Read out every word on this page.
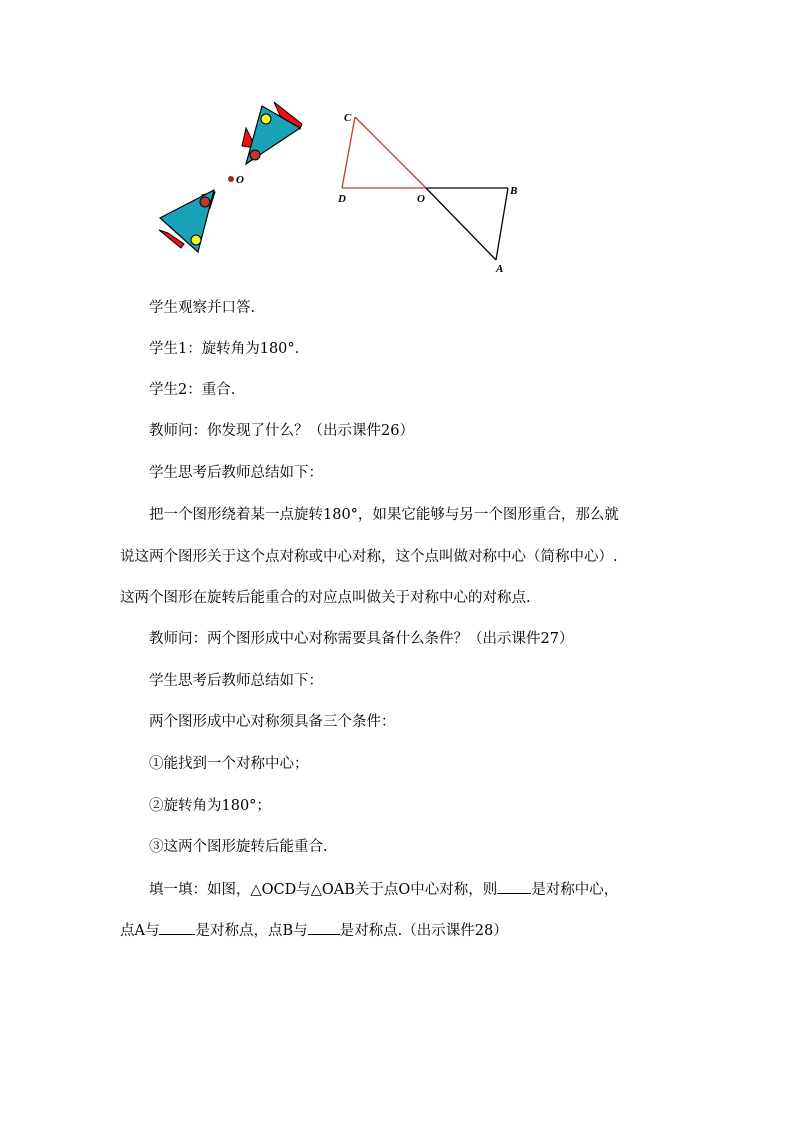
O
C
D	O
B
A
学生观察并口答.
学生1：旋转角为180°．
学生2：重合.
教师问：你发现了什么？（出示课件26）
学生思考后教师总结如下：
把一个图形绕着某一点旋转180°，如果它能够与另一个图形重合，那么就
说这两个图形关于这个点对称或中心对称，这个点叫做对称中心（简称中心）.
这两个图形在旋转后能重合的对应点叫做关于对称中心的对称点.
教师问：两个图形成中心对称需要具备什么条件？（出示课件27）
学生思考后教师总结如下：
两个图形成中心对称须具备三个条件：
①能找到一个对称中心；
②旋转角为180°；
③这两个图形旋转后能重合.
填一填：如图，△OCD与△OAB关于点O中心对称，则 是对称中心，
点A与 是对称点，点B与 是对称点.（出示课件28）
